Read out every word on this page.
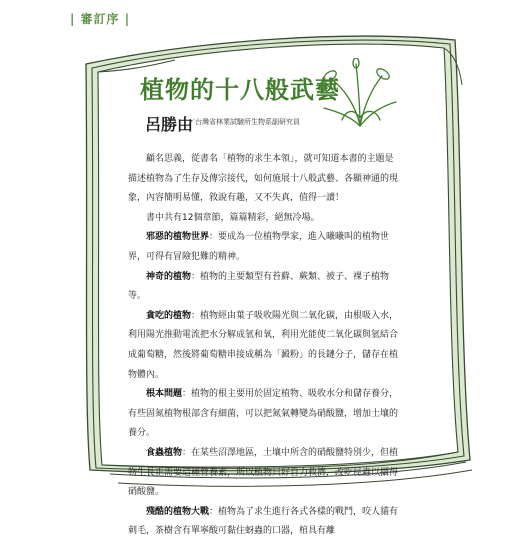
| 審訂序 |
植物的十八般武藝
呂勝由
／台灣省林業試驗所生物系副研究員

顧名思義，從書名「植物的求生本領」，就可知道本書的主題是描述植物為了生存及傳宗接代，如何施展十八般武藝、各顯神通的現象，內容簡明易懂，敘說有趣，又不失真，值得一讀！

書中共有12個章節，篇篇精彩，絕無冷場。

邪惡的植物世界：要成為一位植物學家，進入曦曦叫的植物世界，可得有冒險犯難的精神。

神奇的植物：植物的主要類型有苔蘚、蕨類、被子、裸子植物等。

貪吃的植物：植物經由葉子吸收陽光與二氧化碳，由根吸入水，利用陽光推動電流把水分解成氫和氧，利用光能使二氧化碳與氫結合成葡萄糖，然後將葡萄糖串接成稱為「澱粉」的長鏈分子，儲存在植物體內。

根本問題：植物的根主要用於固定植物、吸收水分和儲存養分，有些固氮植物根部含有細菌，可以把氮氣轉變為硝酸鹽，增加土壤的養分。

食蟲植物：在某些沼澤地區，土壤中所含的硝酸鹽特別少，但植物生長正需要這種營養素，所以植物只好自力救濟，改吃昆蟲以攝得硝酸鹽。

殘酷的植物大戰：植物為了求生進行各式各樣的戰鬥，咬人貓有刺毛，茶樹含有單寧酸可黏住蚜蟲的口器，棺具有離
